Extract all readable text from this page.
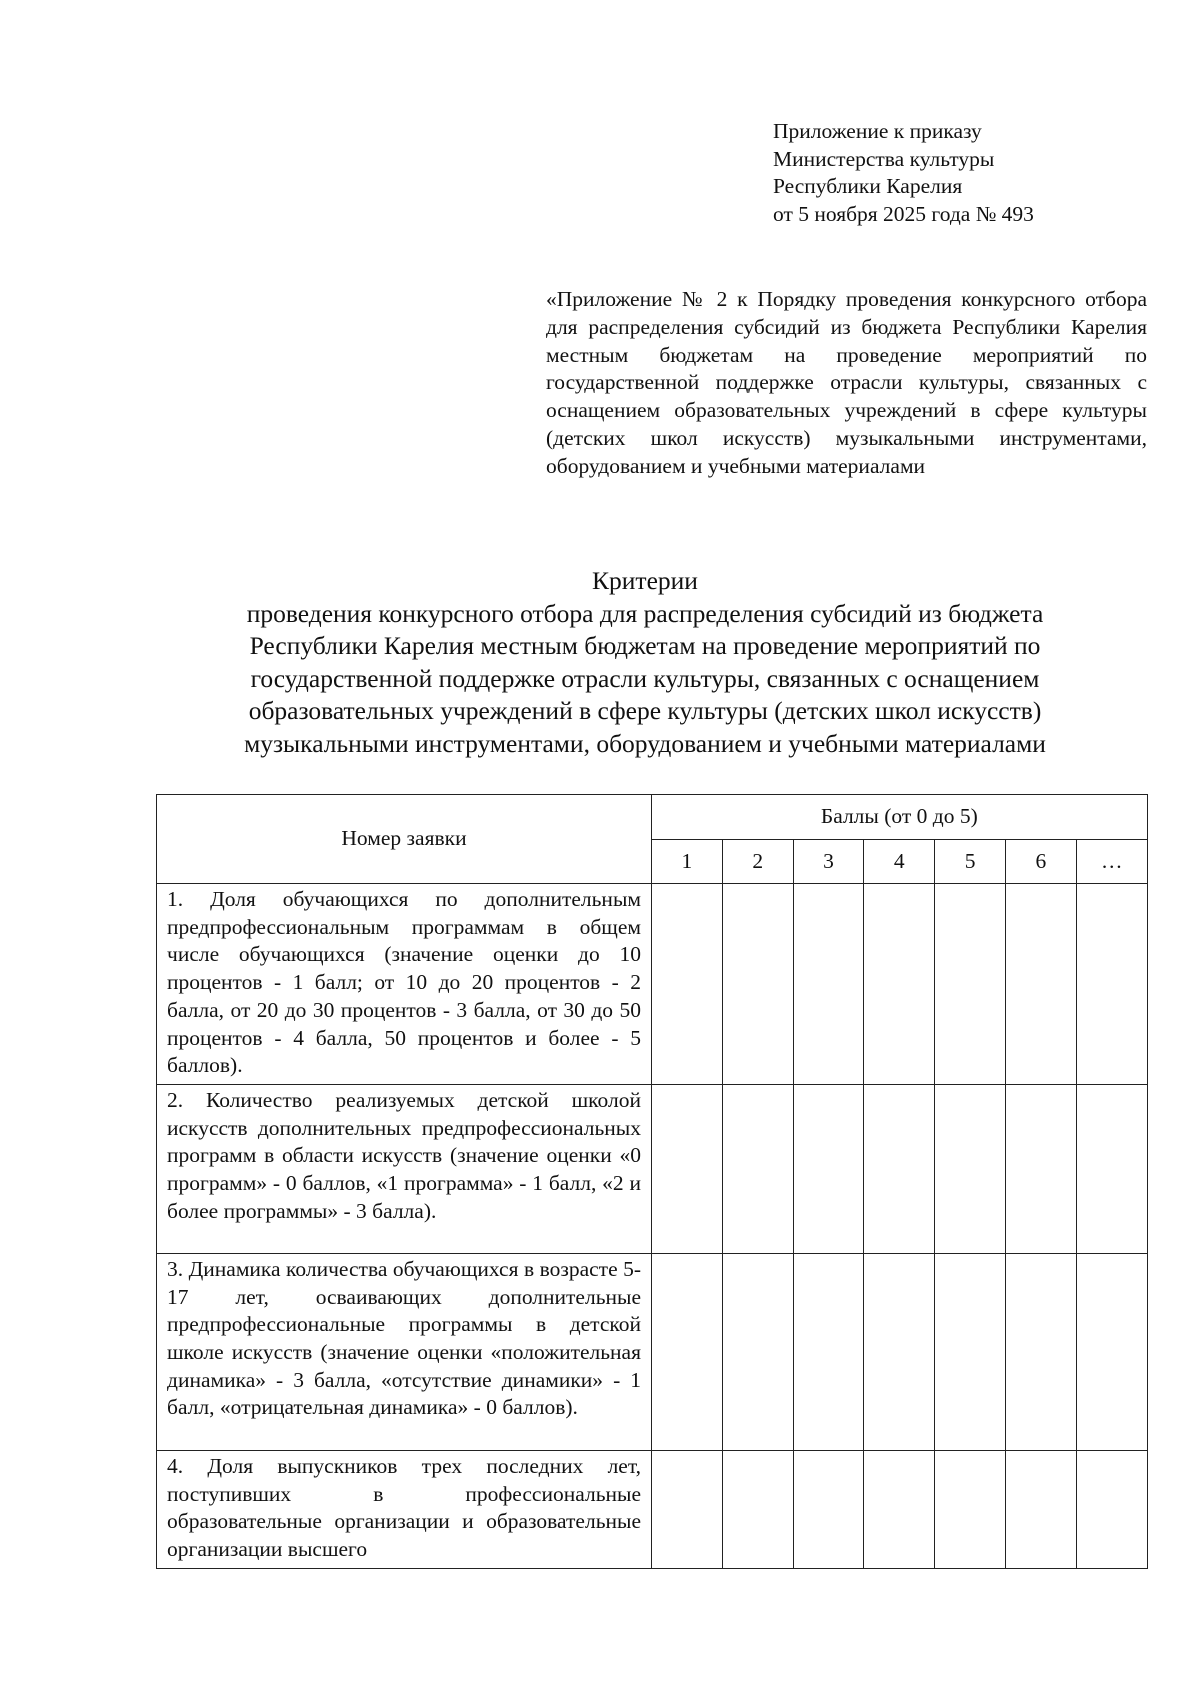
Приложение к приказу
Министерства культуры
Республики Карелия
от 5 ноября 2025 года № 493
«Приложение № 2 к Порядку проведения конкурсного отбора для распределения субсидий из бюджета Республики Карелия местным бюджетам на проведение мероприятий по государственной поддержке отрасли культуры, связанных с оснащением образовательных учреждений в сфере культуры (детских школ искусств) музыкальными инструментами, оборудованием и учебными материалами
Критерии
проведения конкурсного отбора для распределения субсидий из бюджета
Республики Карелия местным бюджетам на проведение мероприятий по
государственной поддержке отрасли культуры, связанных с оснащением
образовательных учреждений в сфере культуры (детских школ искусств)
музыкальными инструментами, оборудованием и учебными материалами
Номер заявки	Баллы (от 0 до 5)						
	1	2	3	4	5	6	…
1. Доля обучающихся по дополнительным предпрофессиональным программам в общем числе обучающихся (значение оценки до 10 процентов - 1 балл; от 10 до 20 процентов - 2 балла, от 20 до 30 процентов - 3 балла, от 30 до 50 процентов - 4 балла, 50 процентов и более - 5 баллов).							
2. Количество реализуемых детской школой искусств дополнительных предпрофессиональных программ в области искусств (значение оценки «0 программ» - 0 баллов, «1 программа» - 1 балл, «2 и более программы» - 3 балла).							
3. Динамика количества обучающихся в возрасте 5-17 лет, осваивающих дополнительные предпрофессиональные программы в детской школе искусств (значение оценки «положительная динамика» - 3 балла, «отсутствие динамики» - 1 балл, «отрицательная динамика» - 0 баллов).							
4. Доля выпускников трех последних лет, поступивших в профессиональные образовательные организации и образовательные организации высшего							
